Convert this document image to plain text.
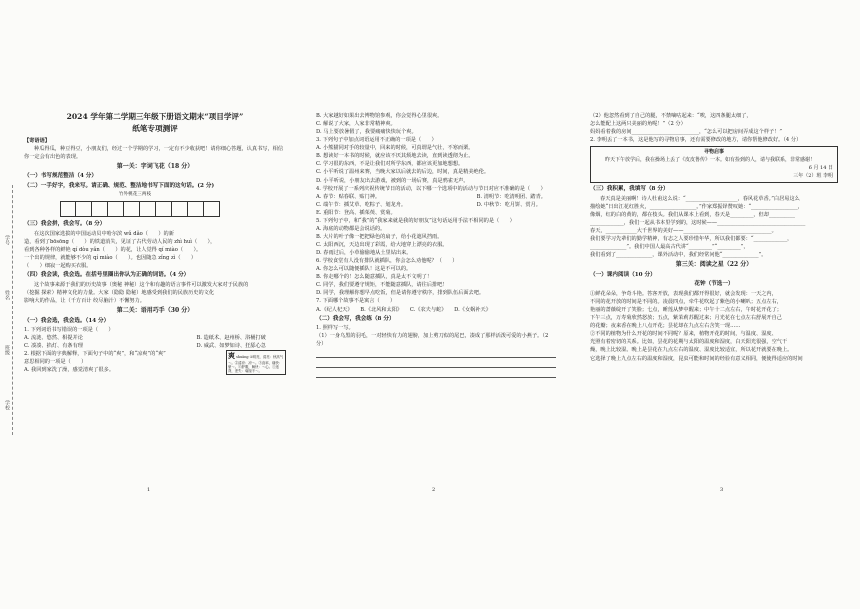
学号
姓名
班级
学校

2024 学年第二学期三年级下册语文期末“项目学评”

纸笔专项测评

【寄语语】

种瓜得瓜，种豆得豆，小朋友们，经过一个学期的学习，一定有不少收获吧！请你细心答题，认真书写，相信你一定会有出色的表现。

第一关：字词飞花（18 分）

（一）书写规范整洁（4 分）

（二）一手好字，我来写。请正确、规范、整洁地书写下面的这句话。(2 分)

竹外桃花三两枝

（三）我会拼，我会写。（8 分）

在这次国家选拔的中国运动员中哈尔滨 wǔ dǎo（　　）的新

造，看到了bōsōng（　　）的铁道消失，见证了古代劳动人民的 zhì huì（　　），

看到各种各样的鲜艳 qí dòu yǎn（　　）的花，让人觉得 qí miào（　　）。

一个出的规律，就能够不少的 qí miào（　　）。也因随急 zǐng zì（　　）

（　　）细寂一起购买衣服。

（四）我会读，我会选。在括号里圈出你认为正确的词语。（4 分）

这个故事来源于我们的历史故事（奥秘 神秘）这个和有趣的语言事件可以激发大家对于民族的

（挖掘 探索）精神文化的力量。大家（隐隐 隐秘）地感受到我们的民族历史的文化

影响大的作品，让（千方百计 绞尽脑汁）不懈努力。

第二关：语用巧手（30 分）

（一）我会选，我会选。（14 分）

1. 下列词语书写错误的一项是（　　）

A. 流涟、悠然、相提并论

C. 凑凑、掐灯、有条有理

B. 造纸术、赵州桥、浴桶打破

D. 威武、如梦如诗、狂舔心急

2. 根据下面的字典解释，下面句子中的“爽”，和“凉爽”的“爽”

意思相同的一项是（　　）

A. 我回到家洗了澡，感觉清爽了很多。

爽 shuǎng ①明亮，清亮：秋高气～。②清凉：凉～。③直率，痛快：豪～。④舒服，畅快：～心。⑤违背，差失：毫厘不～。
1

B. 大家越好如果出去博物馆参观，你会觉得心里很爽。

C. 解说了大家，人家非常精神爽。

D. 马上要放暑假了，我要痛痛快快玩个爽。

3. 下列句子中加点词语运用不正确的一项是（　　）

A. 小熊猫同对手的较量中，回来的时候，可真谓是气壮，不寒而栗。

B. 想读好一本书的时候，就应该不厌其烦地去读，直到读透彻为止。

C. 学习很的东西，不是让我们对所学东西，都应该更加地想想。

C. 小平听说了温州来赛，当晚大家以后就去的后边，时间，真是精美绝伦。

D. 小平听说，小朋友出去游戏，被到的一场后赛，真是鸦雀无声。

4. 学校开展了一系列庆祝传统节日的活动，以下哪一个选项中的活动与节日对应不准确的是（　　）

A. 春节：贴春联、贴门神。

C. 端午节：插艾草、吃粽子、划龙舟。

E. 重阳节：登高、插茱萸、赏菊。

B. 清明节：吃清明团、踏青。

D. 中秋节：吃月饼、赏月。

5. 下列句子中，和“我”的“我家来就是我的好朋友”这句话运用手法不相同的是（　　）

A. 海底的动物都是会说话的。

B. 大片的叶子像一把把绿色的扇子，给小花遮风挡雨。

C. 太阳西沉，天边出现了彩霞，给大地穿上漂亮的衣服。

D. 春雨过后，小草偷偷地从土里钻出来。

6. 学校食堂有人没有排队就插队，你会怎么劝他呢？（　　）

A. 你怎么可以随便插队！这是不可以的。

B. 你走哪个的！怎么随意插队，真是太不文明了！

C. 同学，我们要遵守规矩，不能随意插队，请往后排吧！

D. 同学，我理解你想早点吃饭，但是请你遵守秩序，排到队伍后面去吧。

7. 下面哪个故事不是寓言（　　）

A.《纪人杞天》　　B.《北风和太阳》　　C.《农夫与蛇》　　D.《女娲补天》

（二）我会写，我会练（8 分）

1. 照样写一写。

（1）一身乌黑的羽毛，一对轻快有力的翅膀，加上剪刀似的尾巴，凑成了那样活泼可爱的小燕子。（2 分）

2

（2）他忽然看到了自己的腿，不禁嘀咕起来：“唉，这四条腿太细了，

怎么能配上这两只美丽的角呢！”（2 分）

妈妈看着我的房间__________________________，“怎么可以把房间弄成这个样子！”

2. 李明丢了一本书，这是他写的寻物启事，还有需要修改的地方，请你帮他修改好。（4 分）

寻物启事
昨天下午放学后，我在操场上丢了《皮皮鲁传》一本。如有捡到的人，请与我联系，非常感谢！
6 月 14 日
三年（2）班 李明

（三）我积累，我填写（8 分）

春天真是美丽啊！诗人杜甫这么说：“____________________，春风花草香。”白居易这么

描绘她“日出江花红胜火，__________________。”作家郑振铎赞叹她：“__________________，

像烟，红的白的黄的，都在枝头。我们从课本上看到，春天是_________，但却__________

_____________，我们一起从书本里学到的，这时候——__________________________________

春天，____________大千世界的美好——__________________________________。

我们要学习先辈们的勤学精神，有志之人要珍惜年华，所以我们都要：“_____________，

______________”。我们中国人最高古代讲“_________”“_________”，

我们看到了______________，课外活动中，我们经常问他“______________”。

第三关：阅读之星（22 分）

（一）课内阅读（10 分）

花钟（节选一）

①鲜花朵朵，争奇斗艳。答客开放，表现我们都开得很好，就会发现：一天之内，

不同的花开放的时间是不同的。凌晨四点，牵牛花吹起了紫色的小喇叭；五点左右，

艳丽的蔷薇绽开了笑脸；七点，睡莲从梦中醒来；中午十二点左右，午时花开花了；

下午三点，万寿菊欣然怒放；五点，紫茉莉苏醒过来；月光花在七点左右舒展开自己

的花瓣；夜来香在晚上八点开花；昙花却在九点左右含笑一现……

②不同的植物为什么开花的时间不同呢？原来，植物开花的时间，与温度、湿度、

光照有着密切的关系。比如，昙花的花期与太阳的温度和湿度，白天阳光很强，空气干

燥，晚上比较湿。晚上是昙花在九点左右的温度、湿度比较适宜，所以花开就要在晚上。

它选择了晚上九点左右的温度和湿度，昆虫可能和时间的经验有意义相同，便使得适应的时间

3
